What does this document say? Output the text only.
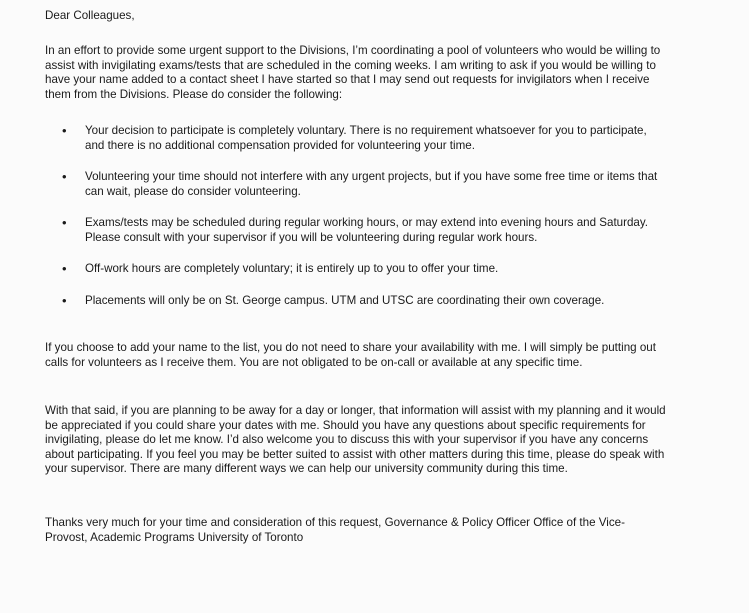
Dear Colleagues,

In an effort to provide some urgent support to the Divisions, I’m coordinating a pool of volunteers who would be willing to assist with invigilating exams/tests that are scheduled in the coming weeks. I am writing to ask if you would be willing to have your name added to a contact sheet I have started so that I may send out requests for invigilators when I receive them from the Divisions. Please do consider the following:

• Your decision to participate is completely voluntary. There is no requirement whatsoever for you to participate, and there is no additional compensation provided for volunteering your time.
• Volunteering your time should not interfere with any urgent projects, but if you have some free time or items that can wait, please do consider volunteering.
• Exams/tests may be scheduled during regular working hours, or may extend into evening hours and Saturday. Please consult with your supervisor if you will be volunteering during regular work hours.
• Off-work hours are completely voluntary; it is entirely up to you to offer your time.
• Placements will only be on St. George campus. UTM and UTSC are coordinating their own coverage.

If you choose to add your name to the list, you do not need to share your availability with me. I will simply be putting out calls for volunteers as I receive them. You are not obligated to be on-call or available at any specific time.

With that said, if you are planning to be away for a day or longer, that information will assist with my planning and it would be appreciated if you could share your dates with me. Should you have any questions about specific requirements for invigilating, please do let me know. I’d also welcome you to discuss this with your supervisor if you have any concerns about participating. If you feel you may be better suited to assist with other matters during this time, please do speak with your supervisor. There are many different ways we can help our university community during this time.

Thanks very much for your time and consideration of this request, Governance & Policy Officer Office of the Vice-Provost, Academic Programs University of Toronto
